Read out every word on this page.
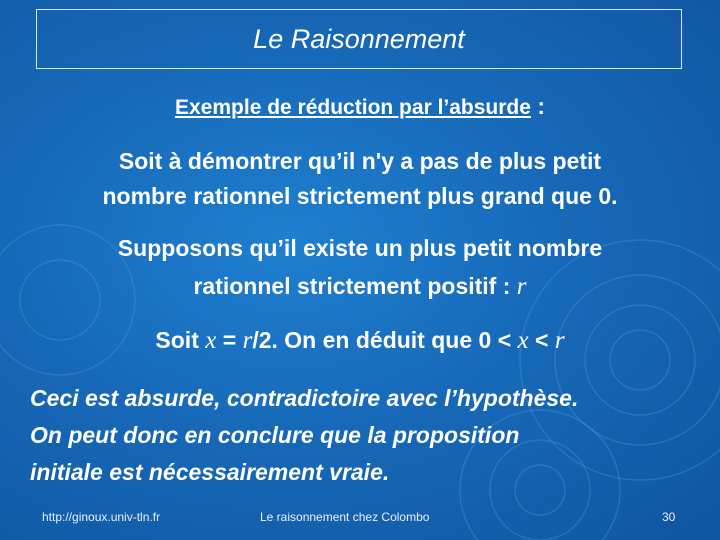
Le Raisonnement
Exemple de réduction par l’absurde :
Soit à démontrer qu’il n'y a pas de plus petit
nombre rationnel strictement plus grand que 0.
Supposons qu’il existe un plus petit nombre
rationnel strictement positif : r
Soit x = r/2. On en déduit que 0 < x < r
Ceci est absurde, contradictoire avec l’hypothèse.
On peut donc en conclure que la proposition
initiale est nécessairement vraie.
http://ginoux.univ-tln.fr	Le raisonnement chez Colombo	30
